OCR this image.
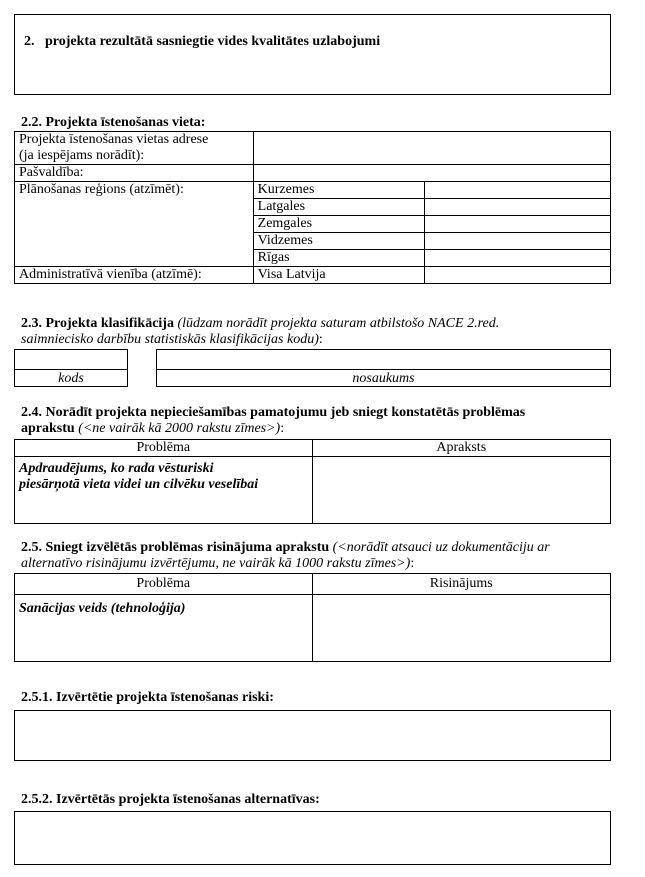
2. projekta rezultātā sasniegtie vides kvalitātes uzlabojumi
2.2. Projekta īstenošanas vieta:
Projekta īstenošanas vietas adrese
(ja iespējams norādīt):		

Pašvaldība:		
Plānošanas reģions (atzīmēt):	Kurzemes	
	Latgales	
	Zemgales	
	Vidzemes	
	Rīgas	
Administratīvā vienība (atzīmē):	Visa Latvija	
2.3. Projekta klasifikācija (lūdzam norādīt projekta saturam atbilstošo NACE 2.red.
saimniecisko darbību statistiskās klasifikācijas kodu):
kods	nosaukums
2.4. Norādīt projekta nepieciešamības pamatojumu jeb sniegt konstatētās problēmas
aprakstu (<ne vairāk kā 2000 rakstu zīmes>):
Problēma	Apraksts

Apdraudējums, ko rada vēsturiski
piesārņotā vieta videi un cilvēku veselībai	

2.5. Sniegt izvēlētās problēmas risinājuma aprakstu (<norādīt atsauci uz dokumentāciju ar
alternatīvo risinājumu izvērtējumu, ne vairāk kā 1000 rakstu zīmes>):
Problēma	Risinājums

Sanācijas veids (tehnoloģija)	

2.5.1. Izvērtētie projekta īstenošanas riski:
2.5.2. Izvērtētās projekta īstenošanas alternatīvas:
